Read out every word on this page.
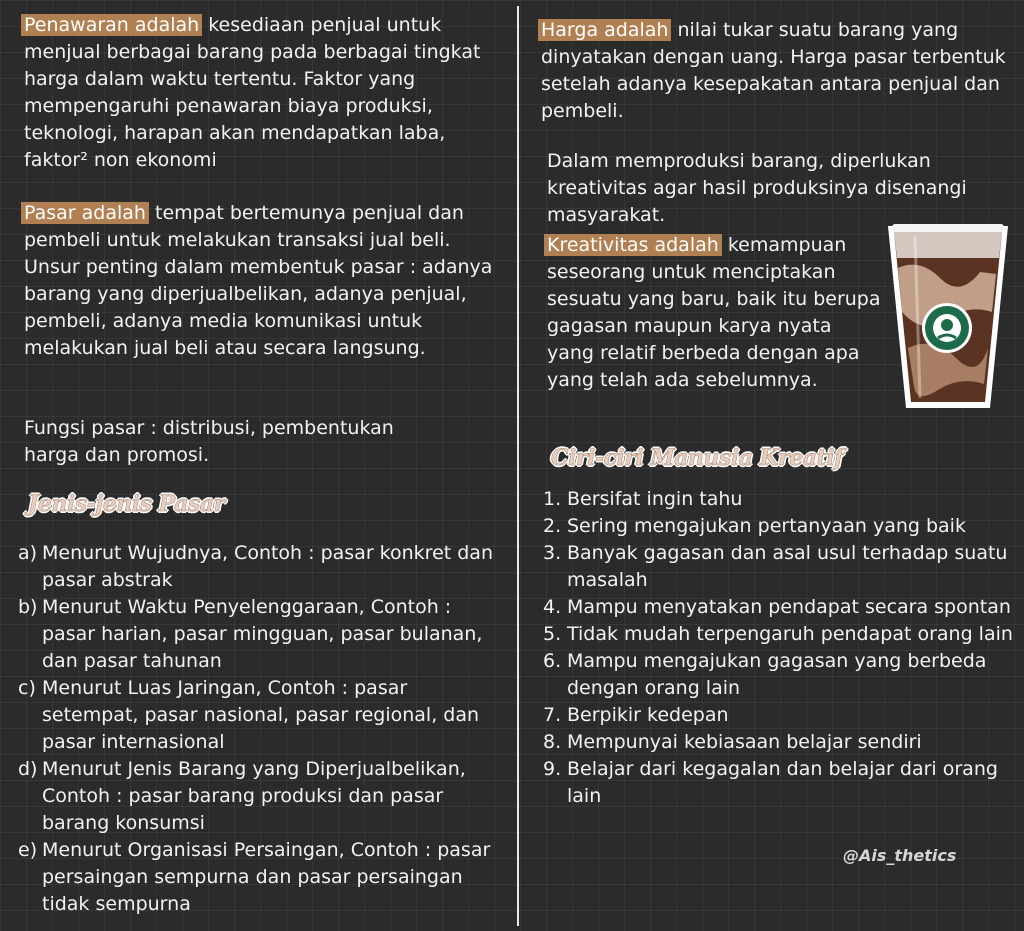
Penawaran adalah kesediaan penjual untuk menjual berbagai barang pada berbagai tingkat harga dalam waktu tertentu. Faktor yang mempengaruhi penawaran biaya produksi, teknologi, harapan akan mendapatkan laba, faktor² non ekonomi

Pasar adalah tempat bertemunya penjual dan pembeli untuk melakukan transaksi jual beli. Unsur penting dalam membentuk pasar : adanya barang yang diperjualbelikan, adanya penjual, pembeli, adanya media komunikasi untuk melakukan jual beli atau secara langsung.

Fungsi pasar : distribusi, pembentukan harga dan promosi.

Jenis-jenis Pasar
a) Menurut Wujudnya, Contoh : pasar konkret dan pasar abstrak
b) Menurut Waktu Penyelenggaraan, Contoh : pasar harian, pasar mingguan, pasar bulanan, dan pasar tahunan
c) Menurut Luas Jaringan, Contoh : pasar setempat, pasar nasional, pasar regional, dan pasar internasional
d) Menurut Jenis Barang yang Diperjualbelikan, Contoh : pasar barang produksi dan pasar barang konsumsi
e) Menurut Organisasi Persaingan, Contoh : pasar persaingan sempurna dan pasar persaingan tidak sempurna

Harga adalah nilai tukar suatu barang yang dinyatakan dengan uang. Harga pasar terbentuk setelah adanya kesepakatan antara penjual dan pembeli.

Dalam memproduksi barang, diperlukan kreativitas agar hasil produksinya disenangi masyarakat.

Kreativitas adalah kemampuan seseorang untuk menciptakan sesuatu yang baru, baik itu berupa gagasan maupun karya nyata yang relatif berbeda dengan apa yang telah ada sebelumnya.

Ciri-ciri Manusia Kreatif
1. Bersifat ingin tahu
2. Sering mengajukan pertanyaan yang baik
3. Banyak gagasan dan asal usul terhadap suatu masalah
4. Mampu menyatakan pendapat secara spontan
5. Tidak mudah terpengaruh pendapat orang lain
6. Mampu mengajukan gagasan yang berbeda dengan orang lain
7. Berpikir kedepan
8. Mempunyai kebiasaan belajar sendiri
9. Belajar dari kegagalan dan belajar dari orang lain
@Ais_thetics
